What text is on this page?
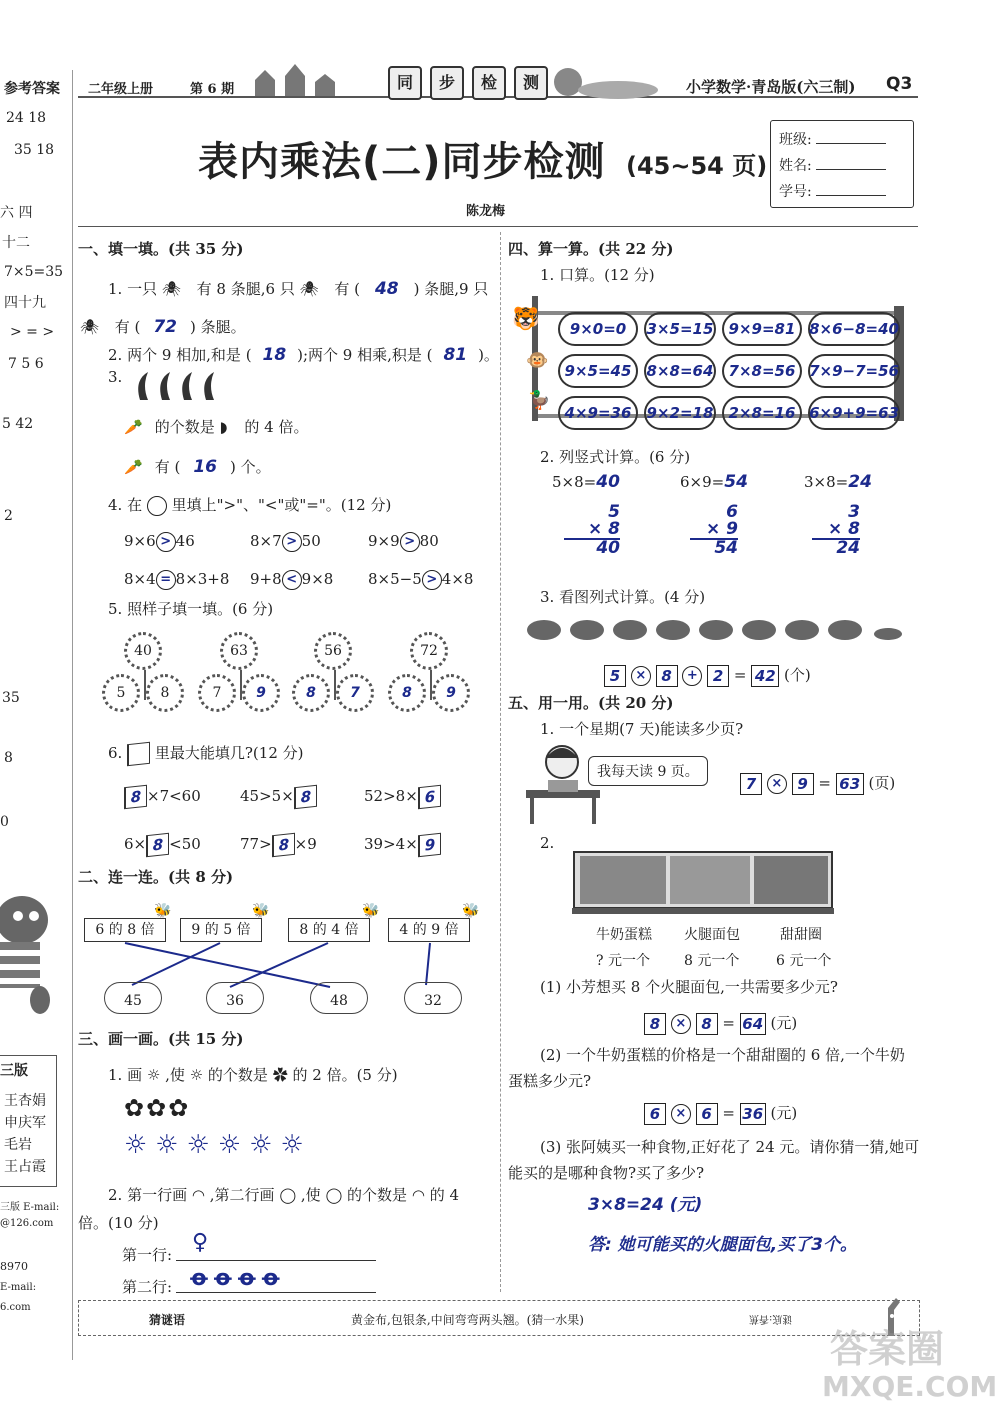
参考答案
24 18
35 18
六 四
十二
7×5=35
四十九
> = >
7 5 6
5 42
2
35
8
0
三版
王杏娟
申庆军
毛岩
王占霞
三版 E-mail:
@126.com
8970
E-mail:
6.com
二年级上册	第 6 期	同	步	检	测	小学数学·青岛版(六三制) Q3
表内乘法(二)同步检测 (45~54 页)
陈龙梅
班级:
姓名:
学号:
一、填一填。(共 35 分)
1. 一只 🕷 有 8 条腿,6 只 🕷 有 ( 48 ) 条腿,9 只
🕷 有 ( 72 ) 条腿。
2. 两个 9 相加,和是 ( 18 );两个 9 相乘,积是 ( 81 )。
3.
🥕 的个数是 ◗ 的 4 倍。
🥕 有 ( 16 ) 个。
4. 在 里填上">"、"<"或"="。(12 分)
9×6 > 46	8×7 > 50	9×9 > 80
8×4 = 8×3+8 9+8 < 9×8 8×5−5 > 4×8
5. 照样子填一填。(6 分)
40
5	8
63
7	9
56
8	7
72
8	9
6. 里最大能填几?(12 分)
8 ×7<60	45>5× 8	52>8× 6
6× 8 <50	77> 8 ×9	39>4× 9
二、连一连。(共 8 分)
6 的 8 倍	9 的 5 倍	8 的 4 倍	4 的 9 倍
🐝	🐝	🐝	🐝
45	36	48	32
三、画一画。(共 15 分)
1. 画 ☼ ,使 ☼ 的个数是 ✿ 的 2 倍。(5 分)
✿✿✿
☼☼☼☼☼☼
2. 第一行画 ◠ ,第二行画 ◯ ,使 ◯ 的个数是 ◠ 的 4
倍。(10 分)
第一行: ♀
第二行: ꝋꝋꝋꝋ
四、算一算。(共 22 分)
1. 口算。(12 分)
🐯
🐵
🦆
9×0=0 3×5=15 9×9=81 8×6−8=40
9×5=45 8×8=64 7×8=56 7×9−7=56
4×9=36 9×2=18 2×8=16 6×9+9=63
2. 列竖式计算。(6 分)
5×8=40	6×9=54	3×8=24
5
× 8
40
6
× 9
54
3
× 8
24
3. 看图列式计算。(4 分)
5 × 8 + 2 = 42 (个)
五、用一用。(共 20 分)
1. 一个星期(7 天)能读多少页?
我每天读 9 页。
7 × 9 = 63 (页)
2.
牛奶蛋糕 火腿面包	甜甜圈
? 元一个 8 元一个	6 元一个
(1) 小芳想买 8 个火腿面包,一共需要多少元?
8 × 8 = 64 (元)
(2) 一个牛奶蛋糕的价格是一个甜甜圈的 6 倍,一个牛奶
蛋糕多少元?
6 × 6 = 36 (元)
(3) 张阿姨买一种食物,正好花了 24 元。请你猜一猜,她可
能买的是哪种食物?买了多少?
3×8=24 (元)
答: 她可能买的火腿面包,买了3个。
猜谜语	黄金布,包银条,中间弯弯两头翘。(猜一水果)	谜底:香蕉
答案圈
MXQE.COM
